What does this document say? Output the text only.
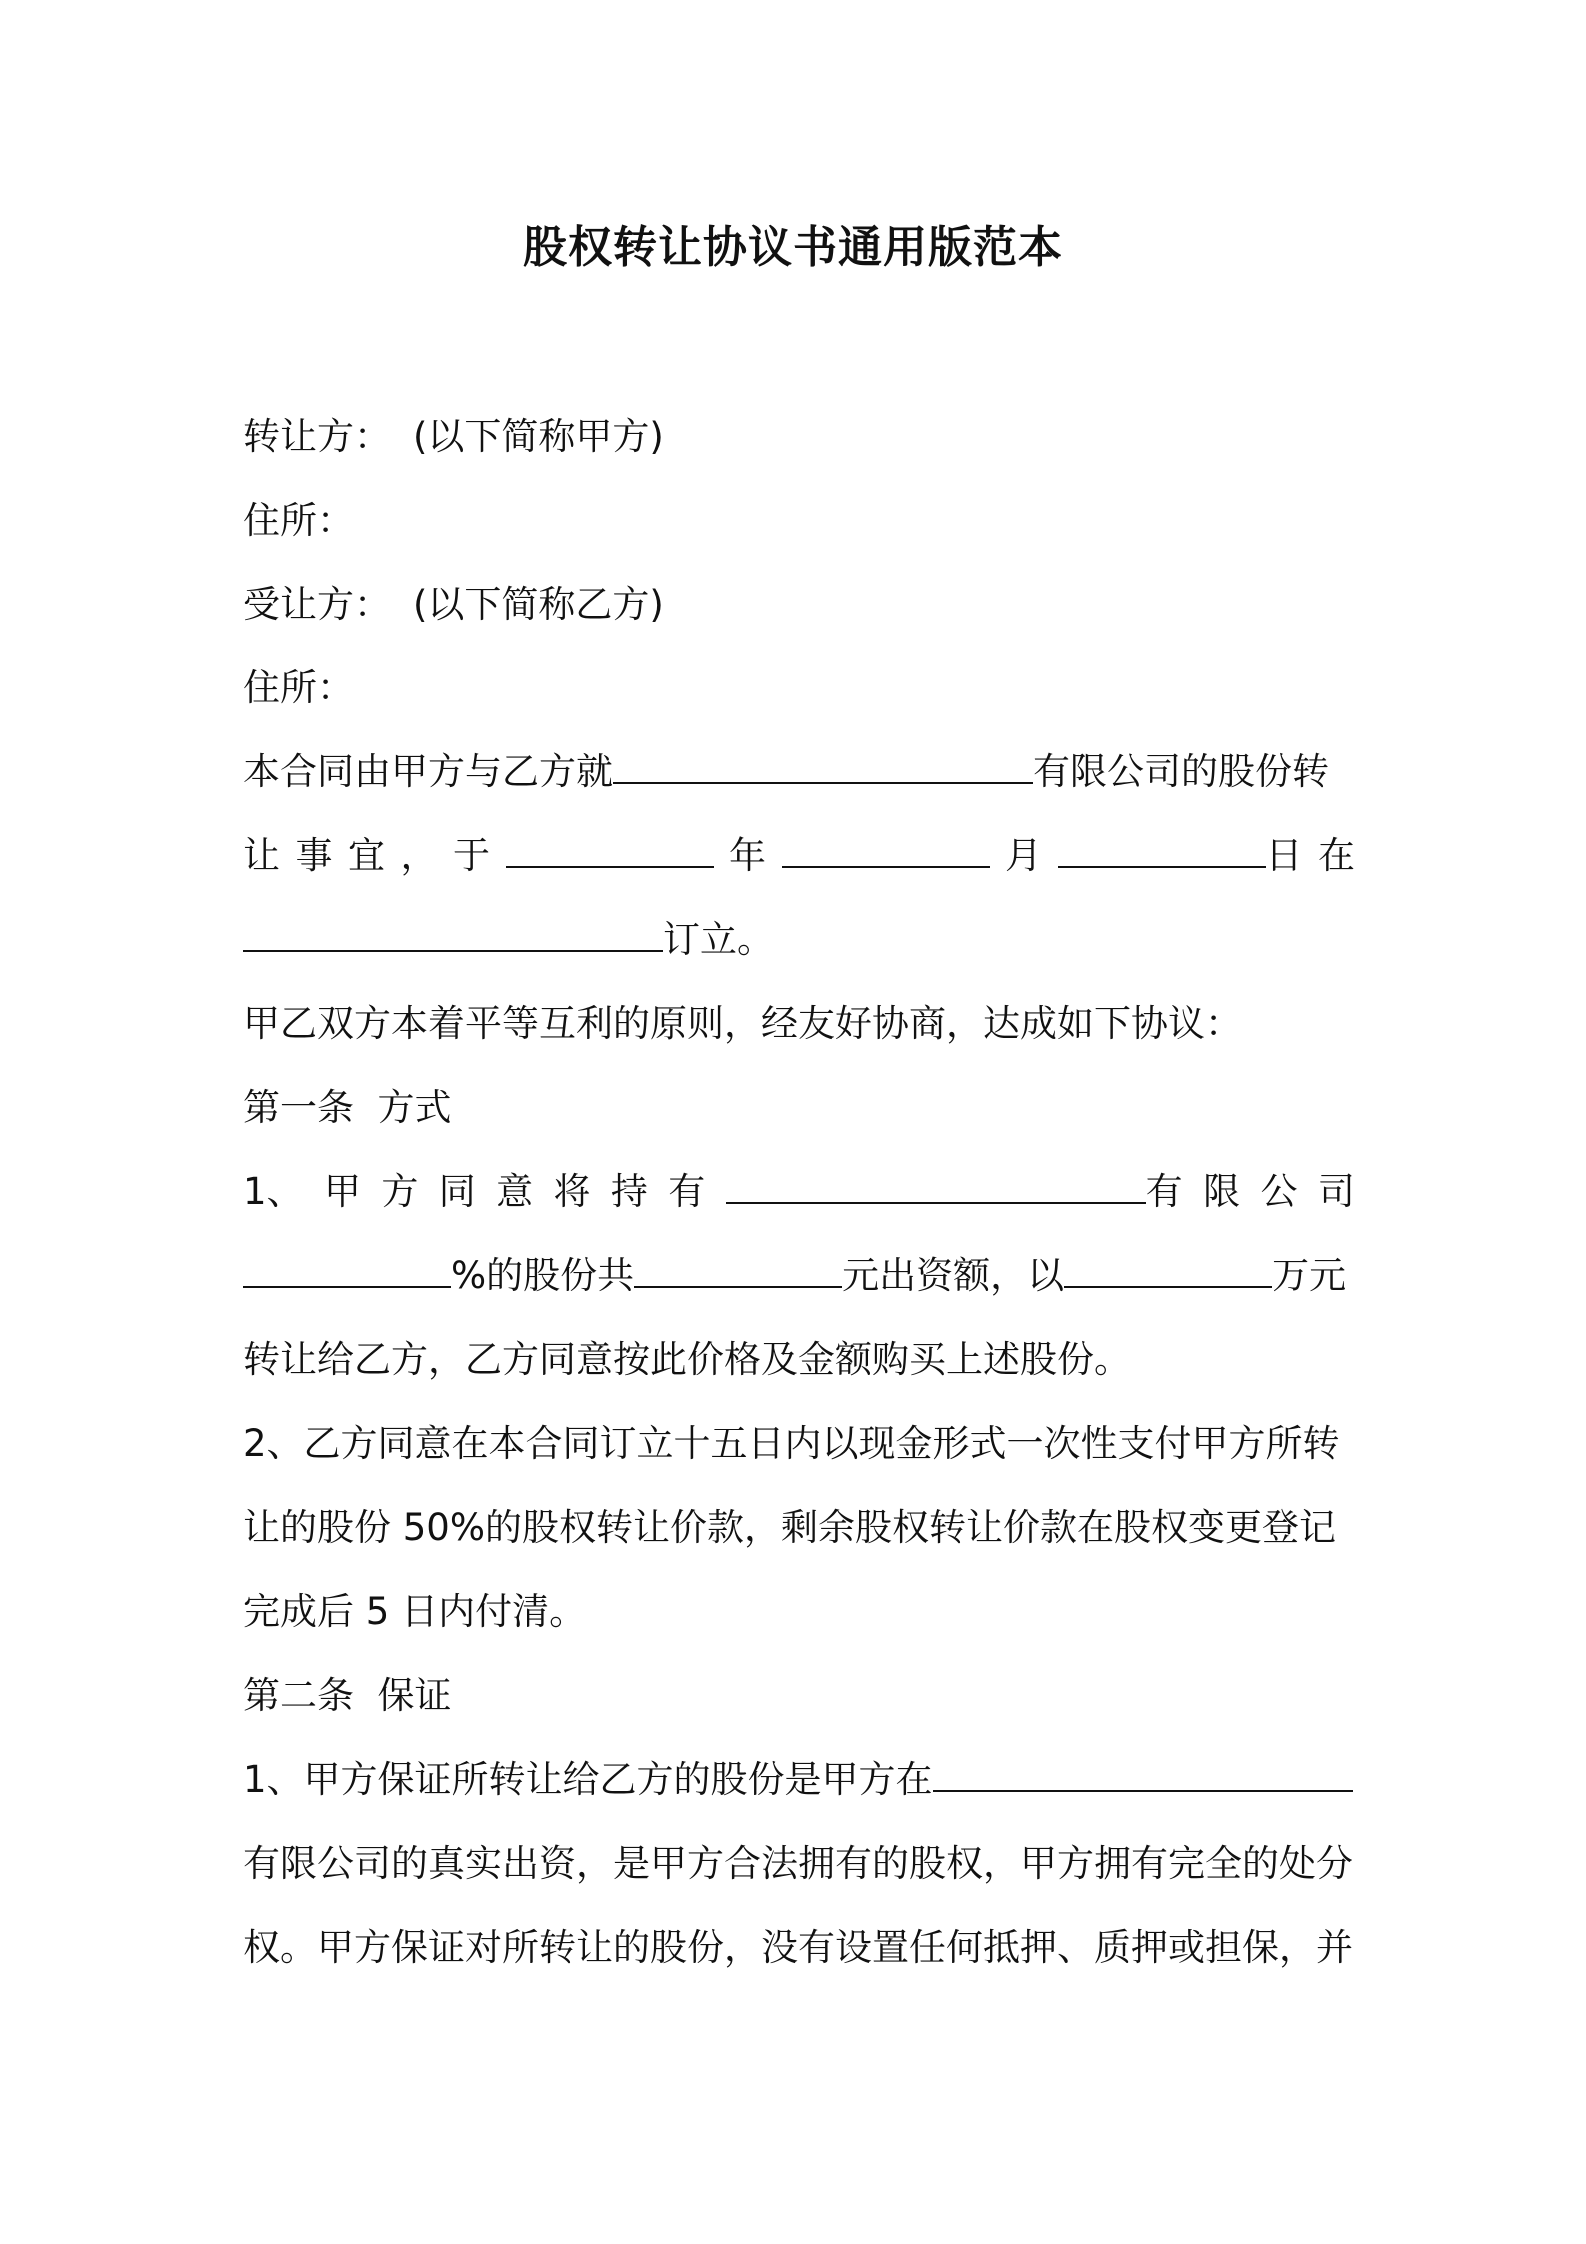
股权转让协议书通用版范本
转让方： (以下简称甲方)
住所：
受让方： (以下简称乙方)
住所：
本合同由甲方与乙方就	有限公司的股份转
让 事 宜 ， 于	年	月	日 在
订立。
甲乙双方本着平等互利的原则，经友好协商，达成如下协议：
第一条  方式
1、 甲 方 同 意 将 持 有	有 限 公 司
%的股份共	元出资额，以	万元
转让给乙方，乙方同意按此价格及金额购买上述股份。
2、乙方同意在本合同订立十五日内以现金形式一次性支付甲方所转
让的股份 50%的股权转让价款，剩余股权转让价款在股权变更登记
完成后 5 日内付清。
第二条  保证
1、甲方保证所转让给乙方的股份是甲方在
有限公司的真实出资，是甲方合法拥有的股权，甲方拥有完全的处分
权。甲方保证对所转让的股份，没有设置任何抵押、质押或担保，并
